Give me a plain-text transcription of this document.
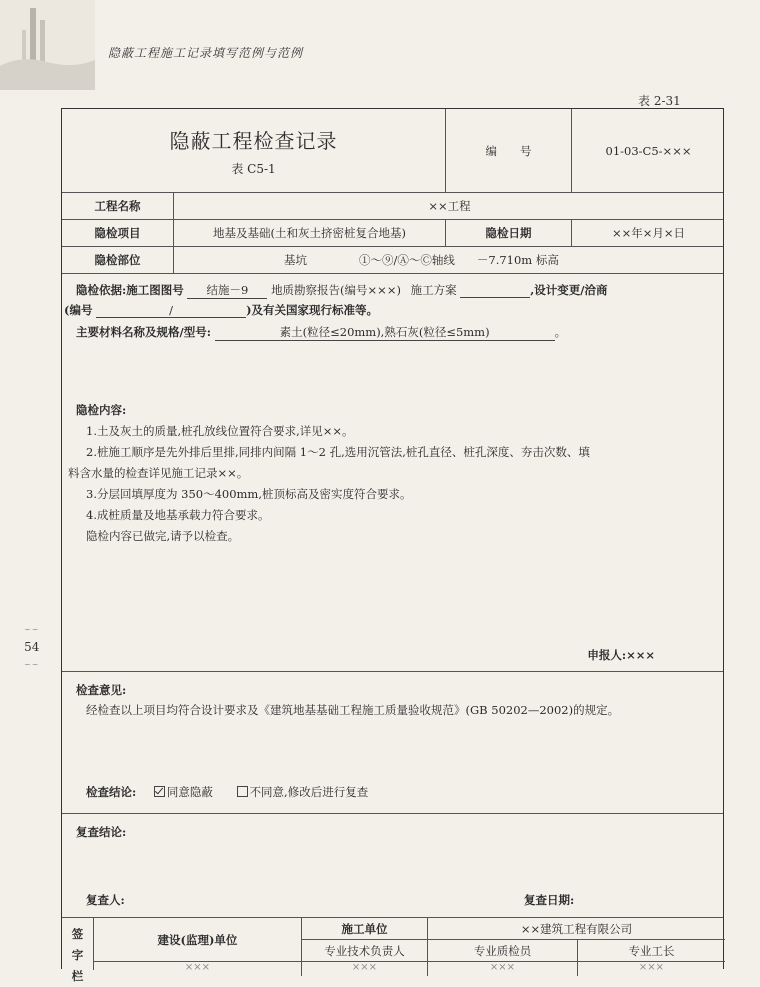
隐蔽工程施工记录填写范例与范例
表 2-31
∽∽
54
∽∽
隐蔽工程检查记录
表 C5-1
编　　号	01-03-C5-×××
工程名称	××工程
隐检项目	地基及基础(土和灰土挤密桩复合地基)	隐检日期	××年×月×日
隐检部位	基坑	①～⑨/Ⓐ～Ⓒ轴线 －7.710m 标高
隐检依据:施工图图号 结施－9 地质勘察报告(编号×××) 施工方案	,设计变更/洽商
(编号	/	)及有关国家现行标准等。
主要材料名称及规格/型号:	素土(粒径≤20mm),熟石灰(粒径≤5mm)	。
隐检内容:
1.土及灰土的质量,桩孔放线位置符合要求,详见××。
2.桩施工顺序是先外排后里排,同排内间隔 1～2 孔,选用沉管法,桩孔直径、桩孔深度、夯击次数、填
料含水量的检查详见施工记录××。
3.分层回填厚度为 350～400mm,桩顶标高及密实度符合要求。
4.成桩质量及地基承载力符合要求。
隐检内容已做完,请予以检查。
申报人:×××
检查意见:
经检查以上项目均符合设计要求及《建筑地基基础工程施工质量验收规范》(GB 50202—2002)的规定。
检查结论:	同意隐蔽	不同意,修改后进行复查
复查结论:
复查人:	复查日期:
签字栏
建设(监理)单位
施工单位	××建筑工程有限公司
专业技术负责人	专业质检员	专业工长
×××	×××	×××	×××
